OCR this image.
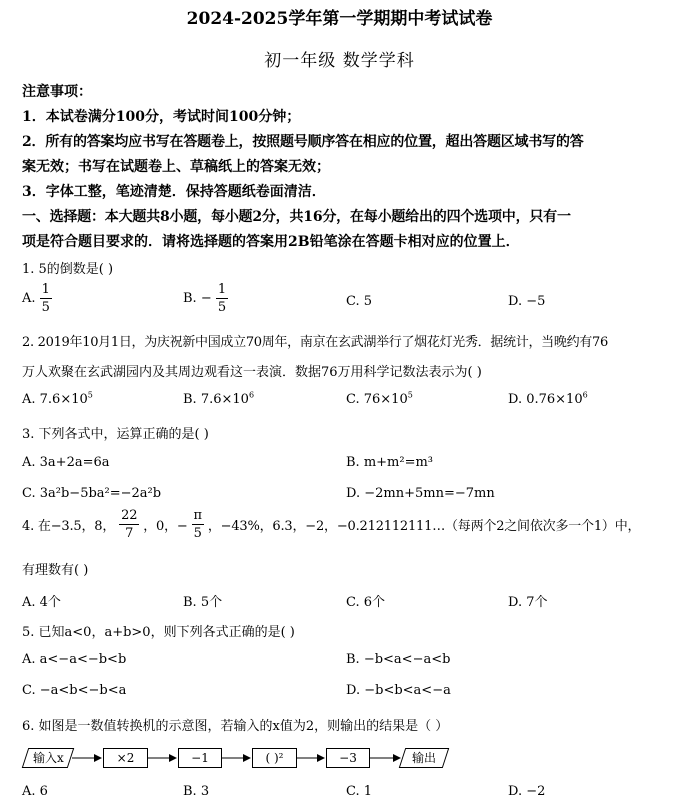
2024-2025学年第一学期期中考试试卷
初一年级 数学学科
注意事项：
1．本试卷满分100分，考试时间100分钟；
2．所有的答案均应书写在答题卷上，按照题号顺序答在相应的位置，超出答题区域书写的答
案无效；书写在试题卷上、草稿纸上的答案无效；
3．字体工整，笔迹清楚．保持答题纸卷面清洁．
一、选择题：本大题共8小题，每小题2分，共16分，在每小题给出的四个选项中，只有一
项是符合题目要求的．请将选择题的答案用2B铅笔涂在答题卡相对应的位置上．
1. 5的倒数是( )
A. $\frac{1}{5}$	B. − $\frac{1}{5}$	C. 5	D. −5
2. 2019年10月1日，为庆祝新中国成立70周年，南京在玄武湖举行了烟花灯光秀．据统计，当晚约有76
万人欢聚在玄武湖园内及其周边观看这一表演．数据76万用科学记数法表示为( )
A. $7.6\times 10^5$	B. $7.6\times 10^6$	C. $76\times 10^5$	D. $0.76\times 10^6$
3. 下列各式中，运算正确的是( )
A. 3a+2a=6a	B. m+m²=m³
C. 3a²b−5ba²=−2a²b	D. −2mn+5mn=−7mn
4. 在−3.5，8， $\frac{22}{7}$ ，0，− $\frac{\pi}{5}$ ，−43%，6.3，−2，−0.212112111…（每两个2之间依次多一个1）中，
有理数有( )
A. 4个	B. 5个	C. 6个	D. 7个
5. 已知a<0，a+b>0，则下列各式正确的是( )
A. a<−a<−b<b	B. −b<a<−a<b
C. −a<b<−b<a	D. −b<b<a<−a
6. 如图是一数值转换机的示意图，若输入的x值为2，则输出的结果是（ ）
输入x	×2	−1	( )²	−3	输出
A. 6	B. 3	C. 1	D. −2
